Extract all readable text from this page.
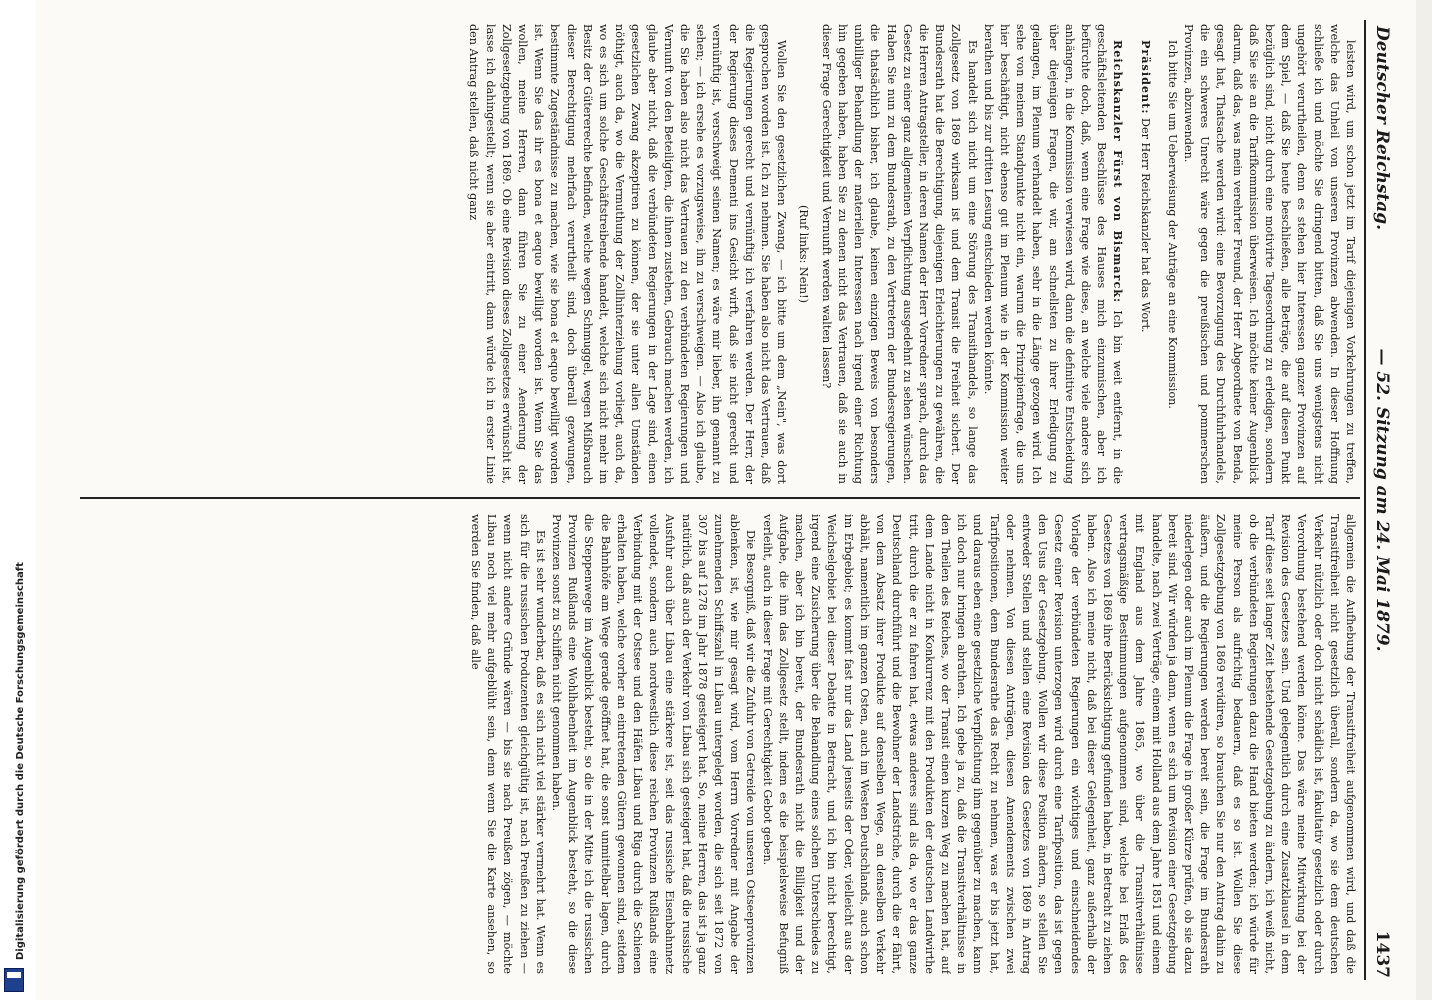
Digitalisierung gefördert durch die Deutsche Forschungsgemeinschaft
Deutscher Reichstag.
— 52. Sitzung am 24. Mai 1879.
1437

leisten wird, um schon jetzt im Tarif diejenigen Vorkehrungen zu treffen, welche das Unheil von unseren Provinzen abwenden. In dieser Hoffnung schließe ich und möchte Sie dringend bitten, daß Sie uns wenigstens nicht ungehört verurtheilen, denn es stehen hier Interessen ganzer Provinzen auf dem Spiel, — daß Sie heute beschließen, alle Beträge, die auf diesen Punkt bezüglich sind, nicht durch eine motivirte Tagesordnung zu erledigen, sondern daß Sie sie an die Tarifkommission überweisen. Ich möchte keiner Augenblick darum, daß das, was mein verehrter Freund, der Herr Abgeordnete von Benda, gesagt hat, Thatsache werden wird: eine Bevorzugung des Durchfuhrhandels, die ein schweres Unrecht wäre gegen die preußischen und pommerschen Provinzen, abzuwenden.

Ich bitte Sie um Ueberweisung der Anträge an eine Kommission.

Präsident: Der Herr Reichskanzler hat das Wort.

Reichskanzler Fürst von Bismarck: Ich bin weit entfernt, in die geschäftsleitenden Beschlüsse des Hauses mich einzumischen, aber ich befürchte doch, daß, wenn eine Frage wie diese, an welche viele andere sich anhängen, in die Kommission verwiesen wird, dann die definitive Entscheidung über diejenigen Fragen, die wir, am schnellsten zu ihrer Erledigung zu gelangen, im Plenum verhandelt haben, sehr in die Länge gezogen wird. Ich sehe von meinem Standpunkte nicht ein, warum die Prinzipienfrage, die uns hier beschäftigt, nicht ebenso gut im Plenum wie in der Kommission weiter berathen und bis zur dritten Lesung entschieden werden könnte.

Es handelt sich nicht um eine Störung des Transithandels, so lange das Zollgesetz von 1869 wirksam ist und dem Transit die Freiheit sichert. Der Bundesrath hat die Berechtigung, diejenigen Erleichterungen zu gewähren, die die Herren Antragsteller, in deren Namen der Herr Vorredner sprach, durch das Gesetz zu einer ganz allgemeinen Verpflichtung ausgedehnt zu sehen wünschen. Haben Sie nun zu dem Bundesrath, zu den Vertretern der Bundesregierungen, die thatsächlich bisher, ich glaube, keinen einzigen Beweis von besonders unbilliger Behandlung der materiellen Interessen nach irgend einer Richtung hin gegeben haben, haben Sie zu denen nicht das Vertrauen, daß sie auch in dieser Frage Gerechtigkeit und Vernunft werden walten lassen?

(Ruf links: Nein!)

Wollen Sie den gesetzlichen Zwang, — ich bitte um dem „Nein", was dort gesprochen worden ist. Ich zu nehmen. Sie haben also nicht das Vertrauen, daß die Regierungen gerecht und vernünftig ich verfahren werden. Der Herr, der der Regierung dieses Dementi ins Gesicht wirft, daß sie nicht gerecht und vernünftig ist, verschweigt seinen Namen; es wäre mir lieber, ihn genannt zu sehen; — ich ersehe es vorzugsweise, ihn zu verschweigen. — Also ich glaube, die Sie haben also nicht das Vertrauen zu den verbündeten Regierungen und Vernunft von den Beteiligten, die ihnen zustehen, Gebrauch machen werden, ich glaube aber nicht, daß die verbündeten Regierungen in der Lage sind, einen gesetzlichen Zwang akzeptiren zu können, der sie unter allen Umständen nöthigt, auch da, wo die Vermuthung der Zollhinterziehung vorliegt, auch da, wo es sich um solche Geschäftstreibende handelt, welche sich nicht mehr im Besitz der Gütererechte befinden, welche wegen Schmuggel, wegen Mißbrauch dieser Berechtigung mehrfach verurtheilt sind, doch überall gezwungen, bestimmte Zugeständnisse zu machen, wie sie bona et aequo bewilligt worden ist. Wenn Sie das ihr es bona et aequo bewilligt worden ist. Wenn Sie das wollen, meine Herren, dann führen Sie zu einer Aenderung der Zollgesetzgebung von 1869. Ob eine Revision dieses Zollgesetzes erwünscht ist, lasse ich dahingestellt; wenn sie aber eintritt, dann würde ich in erster Linie den Antrag stellen, daß nicht ganz

allgemein die Aufhebung der Transitfreiheit aufgenommen wird, und daß die Transitfreiheit nicht gesetzlich überall, sondern da, wo sie dem deutschen Verkehr nützlich oder doch nicht schädlich ist, fakultativ gesetzlich oder durch Verordnung bestehend werden könne. Das wäre meine Mitwirkung bei der Revision des Gesetzes sein. Und gelegentlich durch eine Zusatzklausel in dem Tarif diese seit langer Zeit bestehende Gesetzgebung zu ändern, ich weiß nicht, ob die verbündeten Regierungen dazu die Hand bieten werden; ich würde für meine Person als aufrichtig bedauern, daß es so ist. Wollen Sie diese Zollgesetzgebung von 1869 revidiren, so brauchen Sie nur den Antrag dahin zu äußern, und die Regierungen werden bereit sein, die Frage im Bundesrath niederlegen oder auch im Plenum die Frage in großer Kürze prüfen, ob sie dazu bereit sind. Wir würden ja dann, wenn es sich um Revision einer Gesetzgebung handelte, nach zwei Verträge, einem mit Holland aus dem Jahre 1851 und einem mit England aus dem Jahre 1865, wo über die Transitverhältnisse vertragsmäßige Bestimmungen aufgenommen sind, welche bei Erlaß des Gesetzes von 1869 ihre Berücksichtigung gefunden haben, in Betracht zu ziehen haben. Also ich meine nicht, daß bei dieser Gelegenheit, ganz außerhalb der Vorlage der verbündeten Regierungen ein wichtiges und einschneidendes Gesetz einer Revision unterzogen wird durch eine Tarifposition, das ist gegen den Usus der Gesetzgebung. Wollen wir diese Position ändern, so stellen Sie entweder Stellen und stellen eine Revision des Gesetzes von 1869 in Antrag oder nehmen. Von diesen Anträgen, diesen Amendements zwischen zwei Tarifpositionen, dem Bundesrathe das Recht zu nehmen, was er bis jetzt hat, und daraus eben eine gesetzliche Verpflichtung ihm gegenüber zu machen, kann ich doch nur bringen abrathen. Ich gebe ja zu, daß die Transitverhältnisse in den Theilen des Reiches, wo der Transit einen kurzen Weg zu machen hat, auf dem Lande nicht in Konkurrenz mit den Produkten der deutschen Landwirthe tritt, durch die er zu fahren hat, etwas anderes sind als da, wo er das ganze Deutschland durchführt und die Bewohner der Landstriche, durch die er fährt, von dem Absatz ihrer Produkte auf denselben Wege, an denselben Verkehr abhält, namentlich im ganzen Osten, auch im Westen Deutschlands, auch schon im Erbgebiet; es kommt fast nur das Land jenseits der Oder, vielleicht aus der Weichselgebiet bei dieser Debatte in Betracht, und ich bin nicht berechtigt, irgend eine Zusicherung über die Behandlung eines solchen Unterschiedes zu machen, aber ich bin bereit, der Bundesrath nicht die Billigkeit und der Aufgabe, die ihm das Zollgesetz stellt, indem es die beispielsweise Befugniß verleiht, auch in dieser Frage mit Gerechtigkeit Gebot geben.

Die Besorgniß, daß wir die Zufuhr von Getreide von unseren Ostseeprovinzen ablenken, ist, wie mir gesagt wird, vom Herrn Vorredner mit Angabe der zunehmenden Schiffszahl in Libau untergelegt worden, die sich seit 1872 von 307 bis auf 1278 im Jahr 1878 gesteigert hat. So, meine Herren, das ist ja ganz natürlich, daß auch der Verkehr von Libau sich gesteigert hat, daß die russische Ausfuhr auch über Libau eine stärkere ist, seit das russische Eisenbahnnetz vollendet, sondern auch nordwestlich diese reichen Provinzen Rußlands eine Verbindung mit der Ostsee und den Häfen Libau und Riga durch die Schienen erhalten haben, welche vorher an eintretenden Gütern gewonnen sind, seitdem die Bahnhöfe am Wege gerade geöffnet hat, die sonst unmittelbar lagen, durch die Steppenwege im Augenblick besteht, so die in der Mitte ich die russischen Provinzen Rußlands eine Wohlhabenheit im Augenblick besteht, so die diese Provinzen sonst zu Schiffen nicht genommen haben.

Es ist sehr wunderbar, daß es sich nicht viel stärker vermehrt hat. Wenn es sich für die russischen Produzenten gleichgültig ist, nach Preußen zu ziehen — wenn nicht andere Gründe wären — bis sie nach Preußen zögen, — möchte Libau noch viel mehr aufgeblüht sein, denn wenn Sie die Karte ansehen, so werden Sie finden, daß alle
